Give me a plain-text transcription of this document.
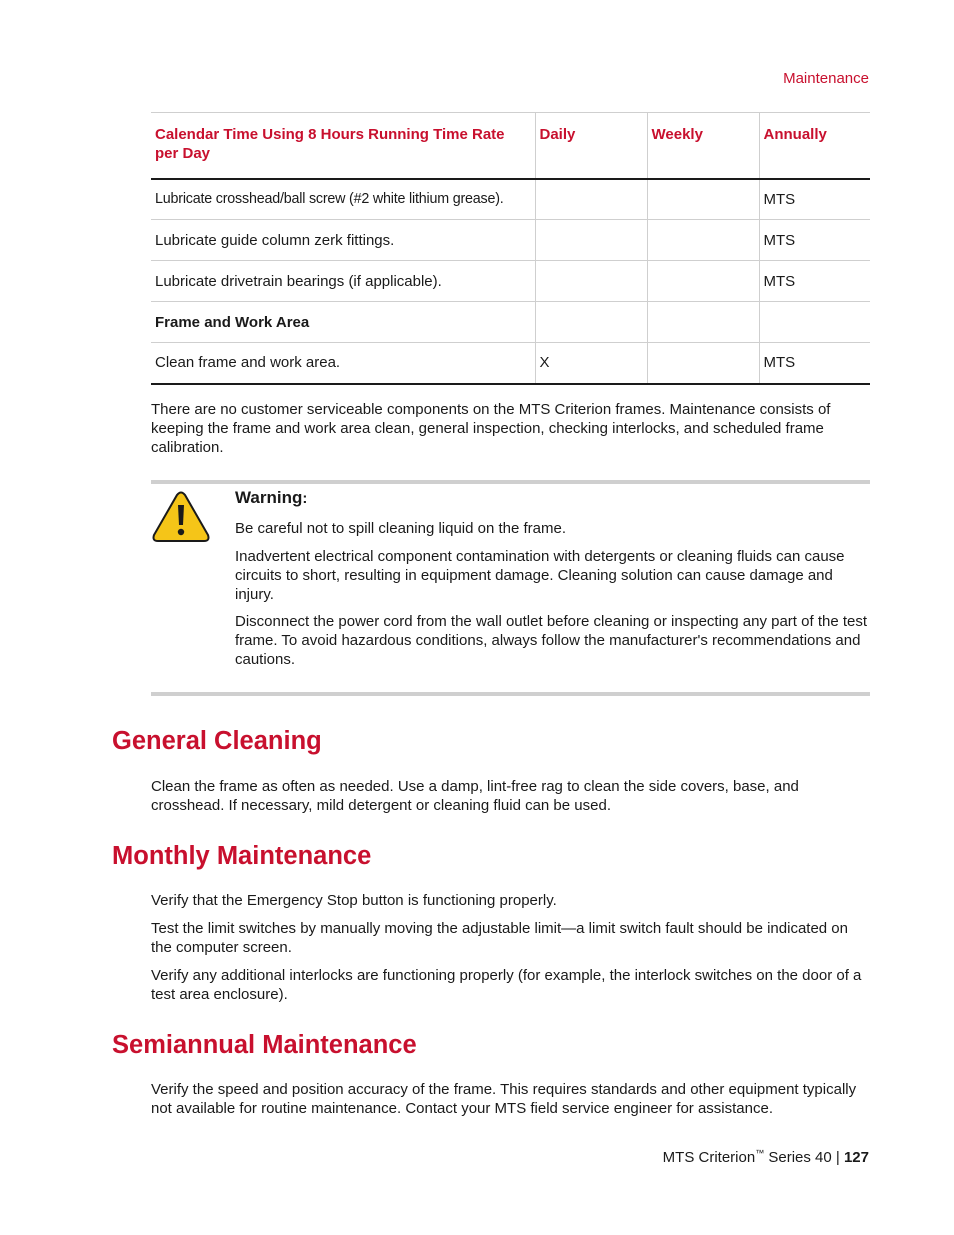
Maintenance
Calendar Time Using 8 Hours Running Time Rate per Day	Daily	Weekly	Annually
Lubricate crosshead/ball screw (#2 white lithium grease).			MTS
Lubricate guide column zerk fittings.			MTS
Lubricate drivetrain bearings (if applicable).			MTS
Frame and Work Area			
Clean frame and work area.	X		MTS

There are no customer serviceable components on the MTS Criterion frames. Maintenance consists of keeping the frame and work area clean, general inspection, checking interlocks, and scheduled frame calibration.

Warning:

Be careful not to spill cleaning liquid on the frame.

Inadvertent electrical component contamination with detergents or cleaning fluids can cause circuits to short, resulting in equipment damage. Cleaning solution can cause damage and injury.

Disconnect the power cord from the wall outlet before cleaning or inspecting any part of the test frame. To avoid hazardous conditions, always follow the manufacturer's recommendations and cautions.

General Cleaning

Clean the frame as often as needed. Use a damp, lint-free rag to clean the side covers, base, and crosshead. If necessary, mild detergent or cleaning fluid can be used.

Monthly Maintenance

Verify that the Emergency Stop button is functioning properly.

Test the limit switches by manually moving the adjustable limit—a limit switch fault should be indicated on the computer screen.

Verify any additional interlocks are functioning properly (for example, the interlock switches on the door of a test area enclosure).

Semiannual Maintenance

Verify the speed and position accuracy of the frame. This requires standards and other equipment typically not available for routine maintenance. Contact your MTS field service engineer for assistance.

MTS Criterion™ Series 40 | 127
